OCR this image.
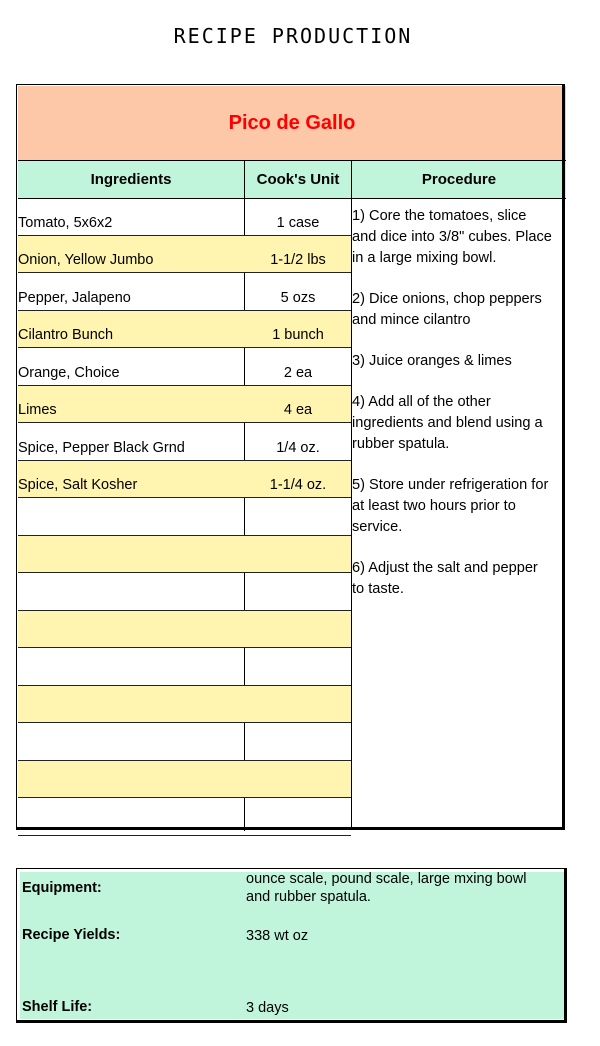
RECIPE PRODUCTION
Pico de Gallo
Ingredients	Cook's Unit	Procedure
Tomato, 5x6x2	1 case
Onion, Yellow Jumbo	1-1/2 lbs
Pepper, Jalapeno	5 ozs
Cilantro Bunch	1 bunch
Orange, Choice	2 ea
Limes	4 ea
Spice, Pepper Black Grnd	1/4 oz.
Spice, Salt Kosher	1-1/4 oz.
1) Core the tomatoes, slice and dice into 3/8" cubes. Place in a large mixing bowl.
2) Dice onions, chop peppers and mince cilantro
3) Juice oranges & limes
4) Add all of the other ingredients and blend using a rubber spatula.
5) Store under refrigeration for at least two hours prior to service.
6) Adjust the salt and pepper to taste.
Equipment:
ounce scale, pound scale, large mxing bowl and rubber spatula.
Recipe Yields:	338 wt oz
Shelf Life:	3 days
